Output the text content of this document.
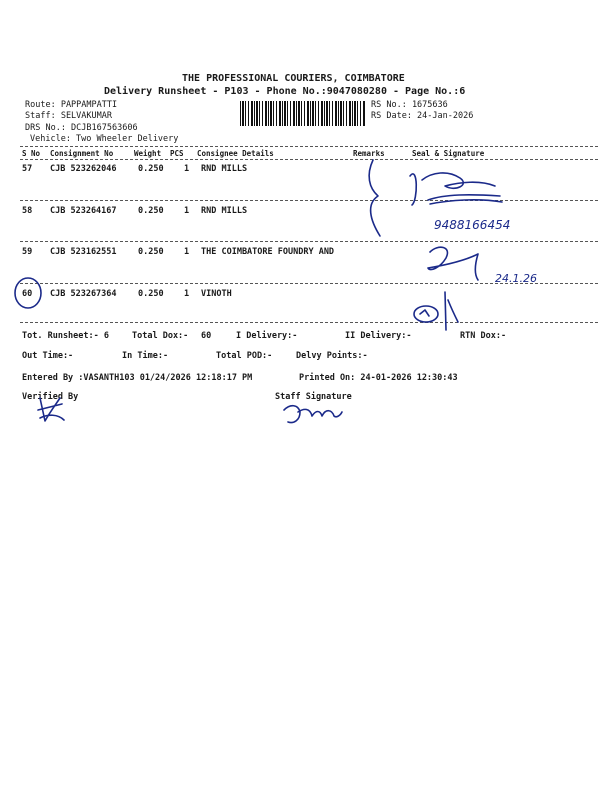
THE PROFESSIONAL COURIERS, COIMBATORE
Delivery Runsheet - P103 - Phone No.:9047080280 - Page No.:6
Route: PAPPAMPATTI
Staff: SELVAKUMAR
DRS No.: DCJB167563606
Vehicle: Two Wheeler Delivery
RS No.: 1675636
RS Date: 24-Jan-2026
S No Consignment No	Weight PCS Consignee Details	Remarks	Seal & Signature
57 CJB 523262046	0.250 1 RND MILLS
58 CJB 523264167	0.250 1 RND MILLS
59 CJB 523162551	0.250 1 THE COIMBATORE FOUNDRY AND
60 CJB 523267364	0.250 1 VINOTH
Tot. Runsheet:- 6	Total Dox:- 60	I Delivery:-	II Delivery:-	RTN Dox:-
Out Time:-	In Time:-	Total POD:-	Delvy Points:-
Entered By :VASANTH103 01/24/2026 12:18:17 PM	Printed On: 24-01-2026 12:30:43
Verified By	Staff Signature
9488166454
24.1.26
